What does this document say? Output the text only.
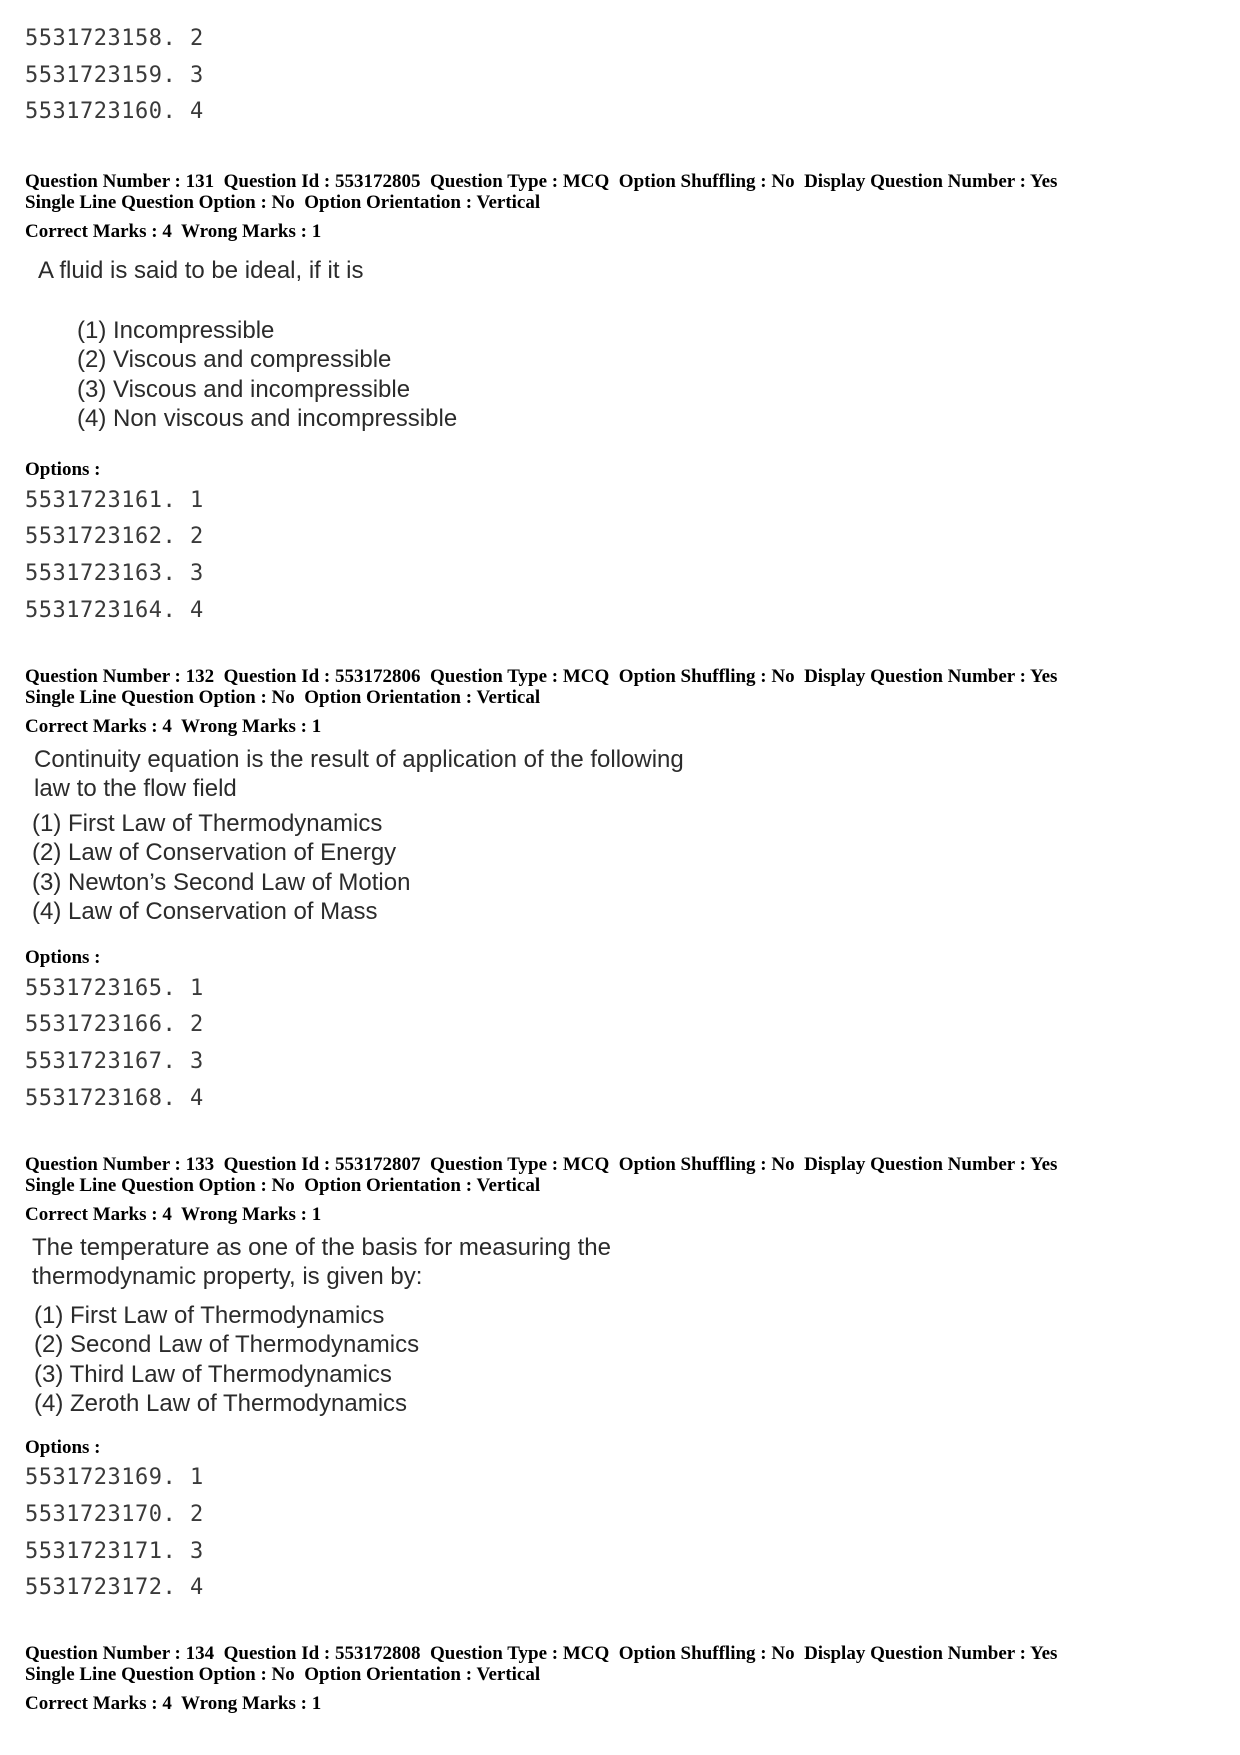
5531723158. 2
5531723159. 3
5531723160. 4
Question Number : 131  Question Id : 553172805  Question Type : MCQ  Option Shuffling : No  Display Question Number : Yes
Single Line Question Option : No  Option Orientation : Vertical
Correct Marks : 4  Wrong Marks : 1
A fluid is said to be ideal, if it is
(1) Incompressible
(2) Viscous and compressible
(3) Viscous and incompressible
(4) Non viscous and incompressible
Options :
5531723161. 1
5531723162. 2
5531723163. 3
5531723164. 4
Question Number : 132  Question Id : 553172806  Question Type : MCQ  Option Shuffling : No  Display Question Number : Yes
Single Line Question Option : No  Option Orientation : Vertical
Correct Marks : 4  Wrong Marks : 1
Continuity equation is the result of application of the following
law to the flow field
(1) First Law of Thermodynamics
(2) Law of Conservation of Energy
(3) Newton’s Second Law of Motion
(4) Law of Conservation of Mass
Options :
5531723165. 1
5531723166. 2
5531723167. 3
5531723168. 4
Question Number : 133  Question Id : 553172807  Question Type : MCQ  Option Shuffling : No  Display Question Number : Yes
Single Line Question Option : No  Option Orientation : Vertical
Correct Marks : 4  Wrong Marks : 1
The temperature as one of the basis for measuring the
thermodynamic property, is given by:
(1) First Law of Thermodynamics
(2) Second Law of Thermodynamics
(3) Third Law of Thermodynamics
(4) Zeroth Law of Thermodynamics
Options :
5531723169. 1
5531723170. 2
5531723171. 3
5531723172. 4
Question Number : 134  Question Id : 553172808  Question Type : MCQ  Option Shuffling : No  Display Question Number : Yes
Single Line Question Option : No  Option Orientation : Vertical
Correct Marks : 4  Wrong Marks : 1
